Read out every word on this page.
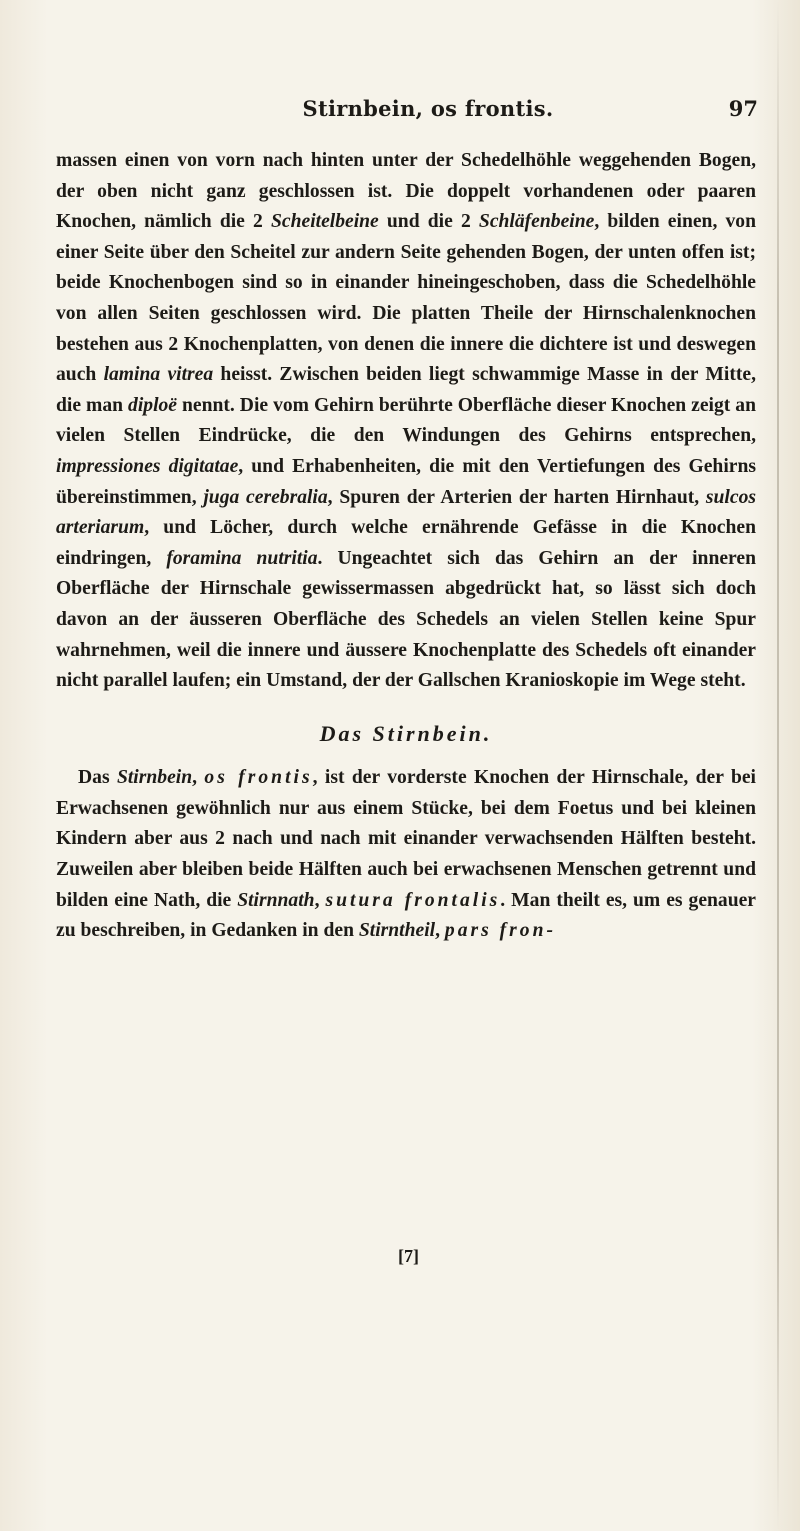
Stirnbein, os frontis.	97

massen einen von vorn nach hinten unter der Schedelhöhle weggehenden Bogen, der oben nicht ganz geschlossen ist. Die doppelt vorhandenen oder paaren Knochen, nämlich die 2 Scheitelbeine und die 2 Schläfenbeine, bilden einen, von einer Seite über den Scheitel zur andern Seite gehenden Bogen, der unten offen ist; beide Knochenbogen sind so in einander hineingeschoben, dass die Schedelhöhle von allen Seiten geschlossen wird. Die platten Theile der Hirnschalenknochen bestehen aus 2 Knochenplatten, von denen die innere die dichtere ist und deswegen auch lamina vitrea heisst. Zwischen beiden liegt schwammige Masse in der Mitte, die man diploë nennt. Die vom Gehirn berührte Oberfläche dieser Knochen zeigt an vielen Stellen Eindrücke, die den Windungen des Gehirns entsprechen, impressiones digitatae, und Erhabenheiten, die mit den Vertiefungen des Gehirns übereinstimmen, juga cerebralia, Spuren der Arterien der harten Hirnhaut, sulcos arteriarum, und Löcher, durch welche ernährende Gefässe in die Knochen eindringen, foramina nutritia. Ungeachtet sich das Gehirn an der inneren Oberfläche der Hirnschale gewissermassen abgedrückt hat, so lässt sich doch davon an der äusseren Oberfläche des Schedels an vielen Stellen keine Spur wahrnehmen, weil die innere und äussere Knochenplatte des Schedels oft einander nicht parallel laufen; ein Umstand, der der Gallschen Kranioskopie im Wege steht.

Das Stirnbein.

Das Stirnbein, os frontis, ist der vorderste Knochen der Hirnschale, der bei Erwachsenen gewöhnlich nur aus einem Stücke, bei dem Foetus und bei kleinen Kindern aber aus 2 nach und nach mit einander verwachsenden Hälften besteht. Zuweilen aber bleiben beide Hälften auch bei erwachsenen Menschen getrennt und bilden eine Nath, die Stirnnath, sutura frontalis. Man theilt es, um es genauer zu beschreiben, in Gedanken in den Stirntheil, pars fron-

[7]
